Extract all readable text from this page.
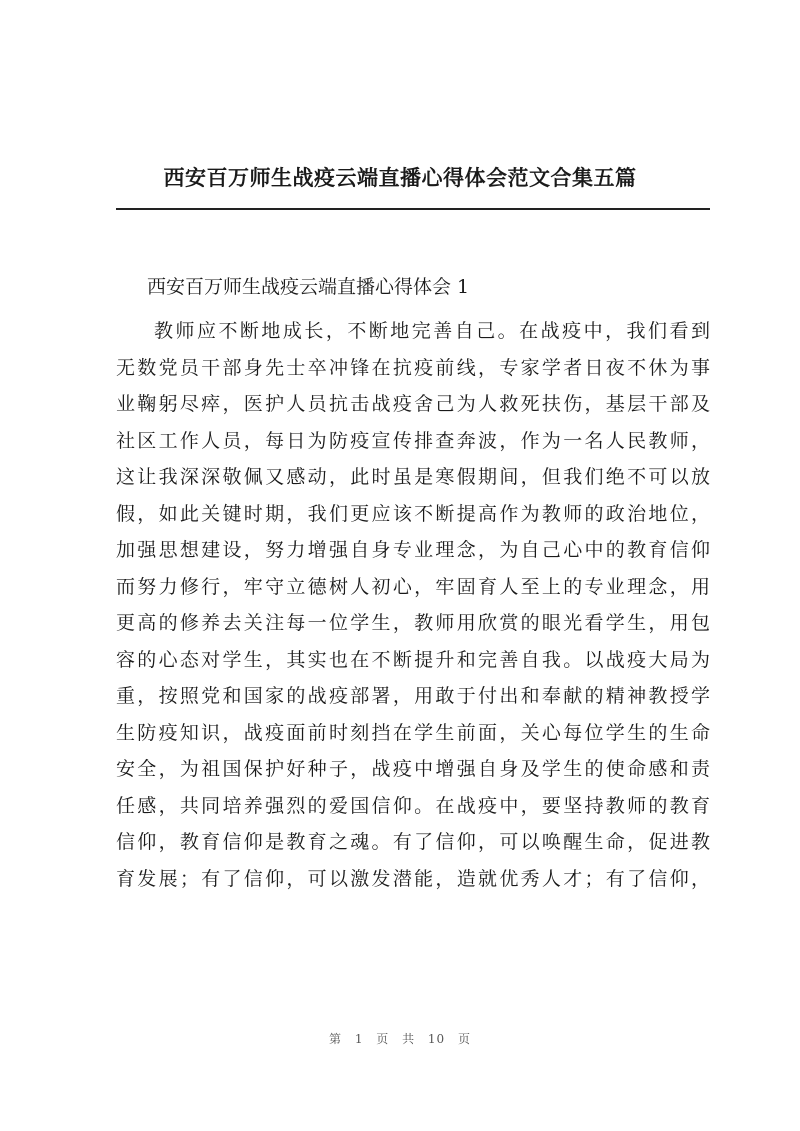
西安百万师生战疫云端直播心得体会范文合集五篇
西安百万师生战疫云端直播心得体会 1
教师应不断地成长，不断地完善自己。在战疫中，我们看到
无数党员干部身先士卒冲锋在抗疫前线，专家学者日夜不休为事
业鞠躬尽瘁，医护人员抗击战疫舍己为人救死扶伤，基层干部及
社区工作人员，每日为防疫宣传排查奔波，作为一名人民教师，
这让我深深敬佩又感动，此时虽是寒假期间，但我们绝不可以放
假，如此关键时期，我们更应该不断提高作为教师的政治地位，
加强思想建设，努力增强自身专业理念，为自己心中的教育信仰
而努力修行，牢守立德树人初心，牢固育人至上的专业理念，用
更高的修养去关注每一位学生，教师用欣赏的眼光看学生，用包
容的心态对学生，其实也在不断提升和完善自我。以战疫大局为
重，按照党和国家的战疫部署，用敢于付出和奉献的精神教授学
生防疫知识，战疫面前时刻挡在学生前面，关心每位学生的生命
安全，为祖国保护好种子，战疫中增强自身及学生的使命感和责
任感，共同培养强烈的爱国信仰。在战疫中，要坚持教师的教育
信仰，教育信仰是教育之魂。有了信仰，可以唤醒生命，促进教
育发展；有了信仰，可以激发潜能，造就优秀人才；有了信仰，
第 1 页 共 10 页
